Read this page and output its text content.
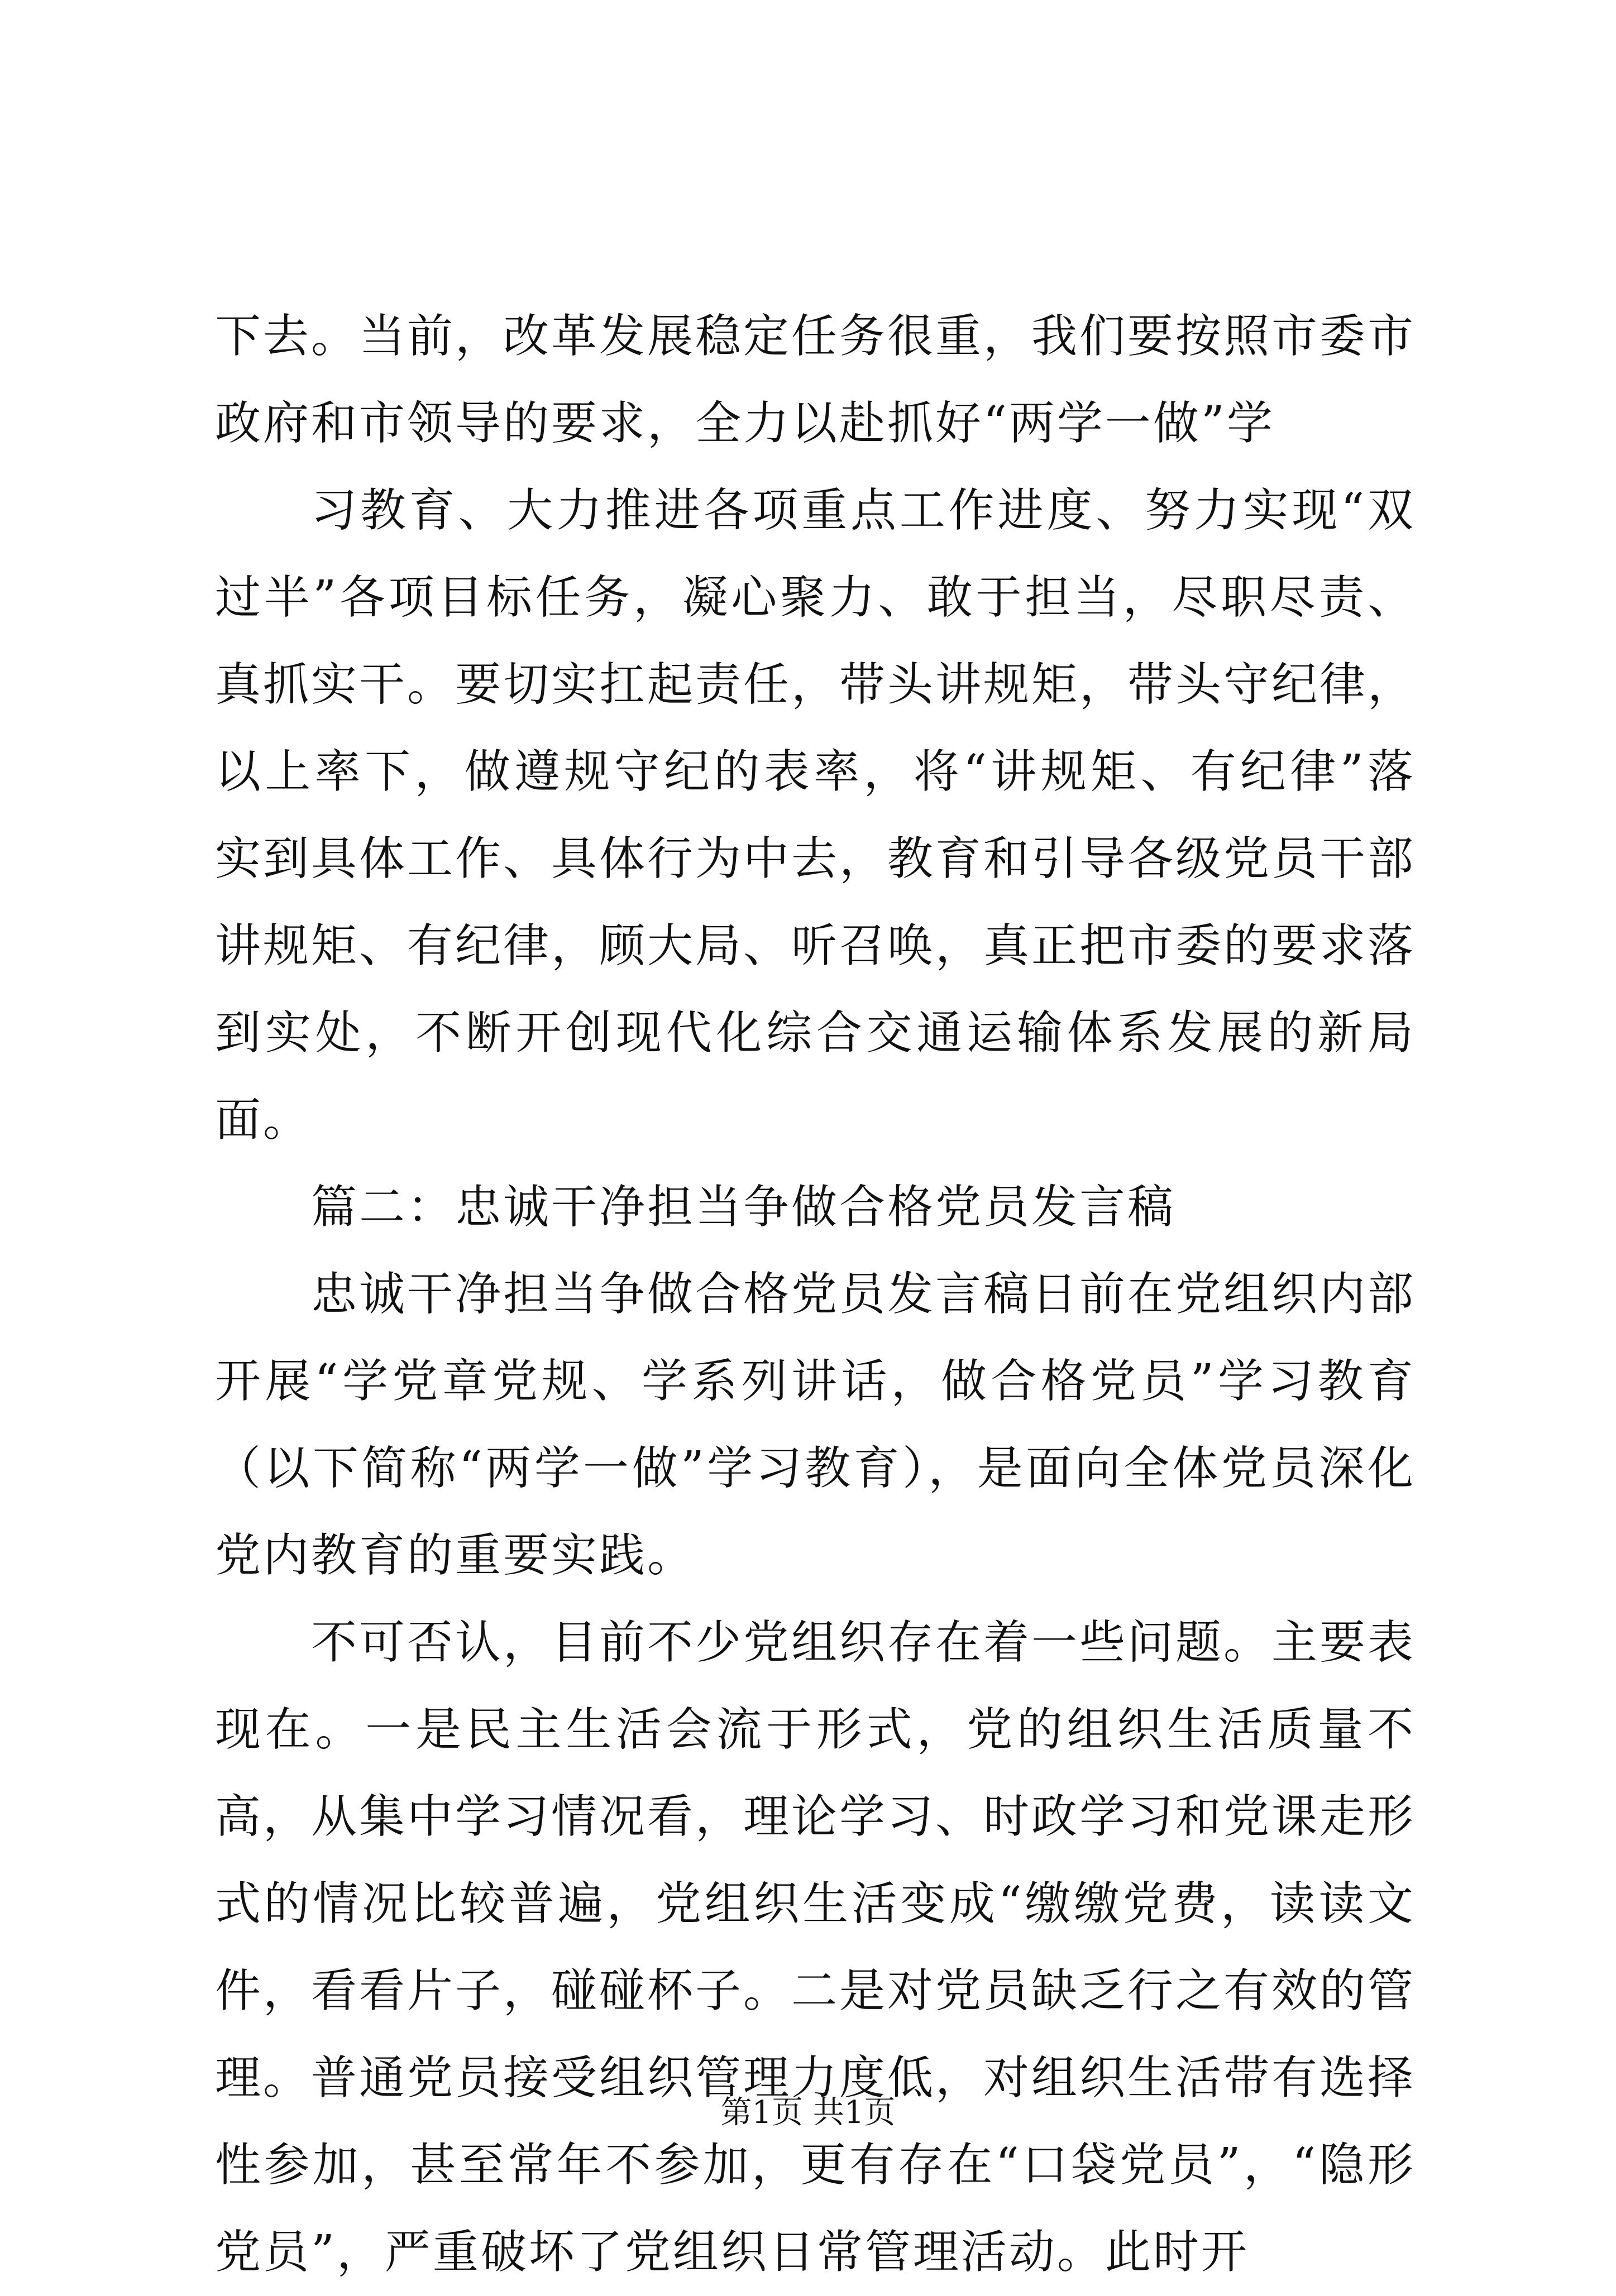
下去。当前，改革发展稳定任务很重，我们要按照市委市政府和市领导的要求，全力以赴抓好“两学一做”学

习教育、大力推进各项重点工作进度、努力实现“双过半”各项目标任务，凝心聚力、敢于担当，尽职尽责、真抓实干。要切实扛起责任，带头讲规矩，带头守纪律，以上率下，做遵规守纪的表率，将“讲规矩、有纪律”落实到具体工作、具体行为中去，教育和引导各级党员干部讲规矩、有纪律，顾大局、听召唤，真正把市委的要求落到实处，不断开创现代化综合交通运输体系发展的新局面。

篇二：忠诚干净担当争做合格党员发言稿

忠诚干净担当争做合格党员发言稿日前在党组织内部开展“学党章党规、学系列讲话，做合格党员”学习教育（以下简称“两学一做”学习教育），是面向全体党员深化党内教育的重要实践。

不可否认，目前不少党组织存在着一些问题。主要表现在。一是民主生活会流于形式，党的组织生活质量不高，从集中学习情况看，理论学习、时政学习和党课走形式的情况比较普遍，党组织生活变成“缴缴党费，读读文件，看看片子，碰碰杯子。二是对党员缺乏行之有效的管理。普通党员接受组织管理力度低，对组织生活带有选择性参加，甚至常年不参加，更有存在“口袋党员”，“隐形党员”，严重破坏了党组织日常管理活动。此时开

第1页 共1页
